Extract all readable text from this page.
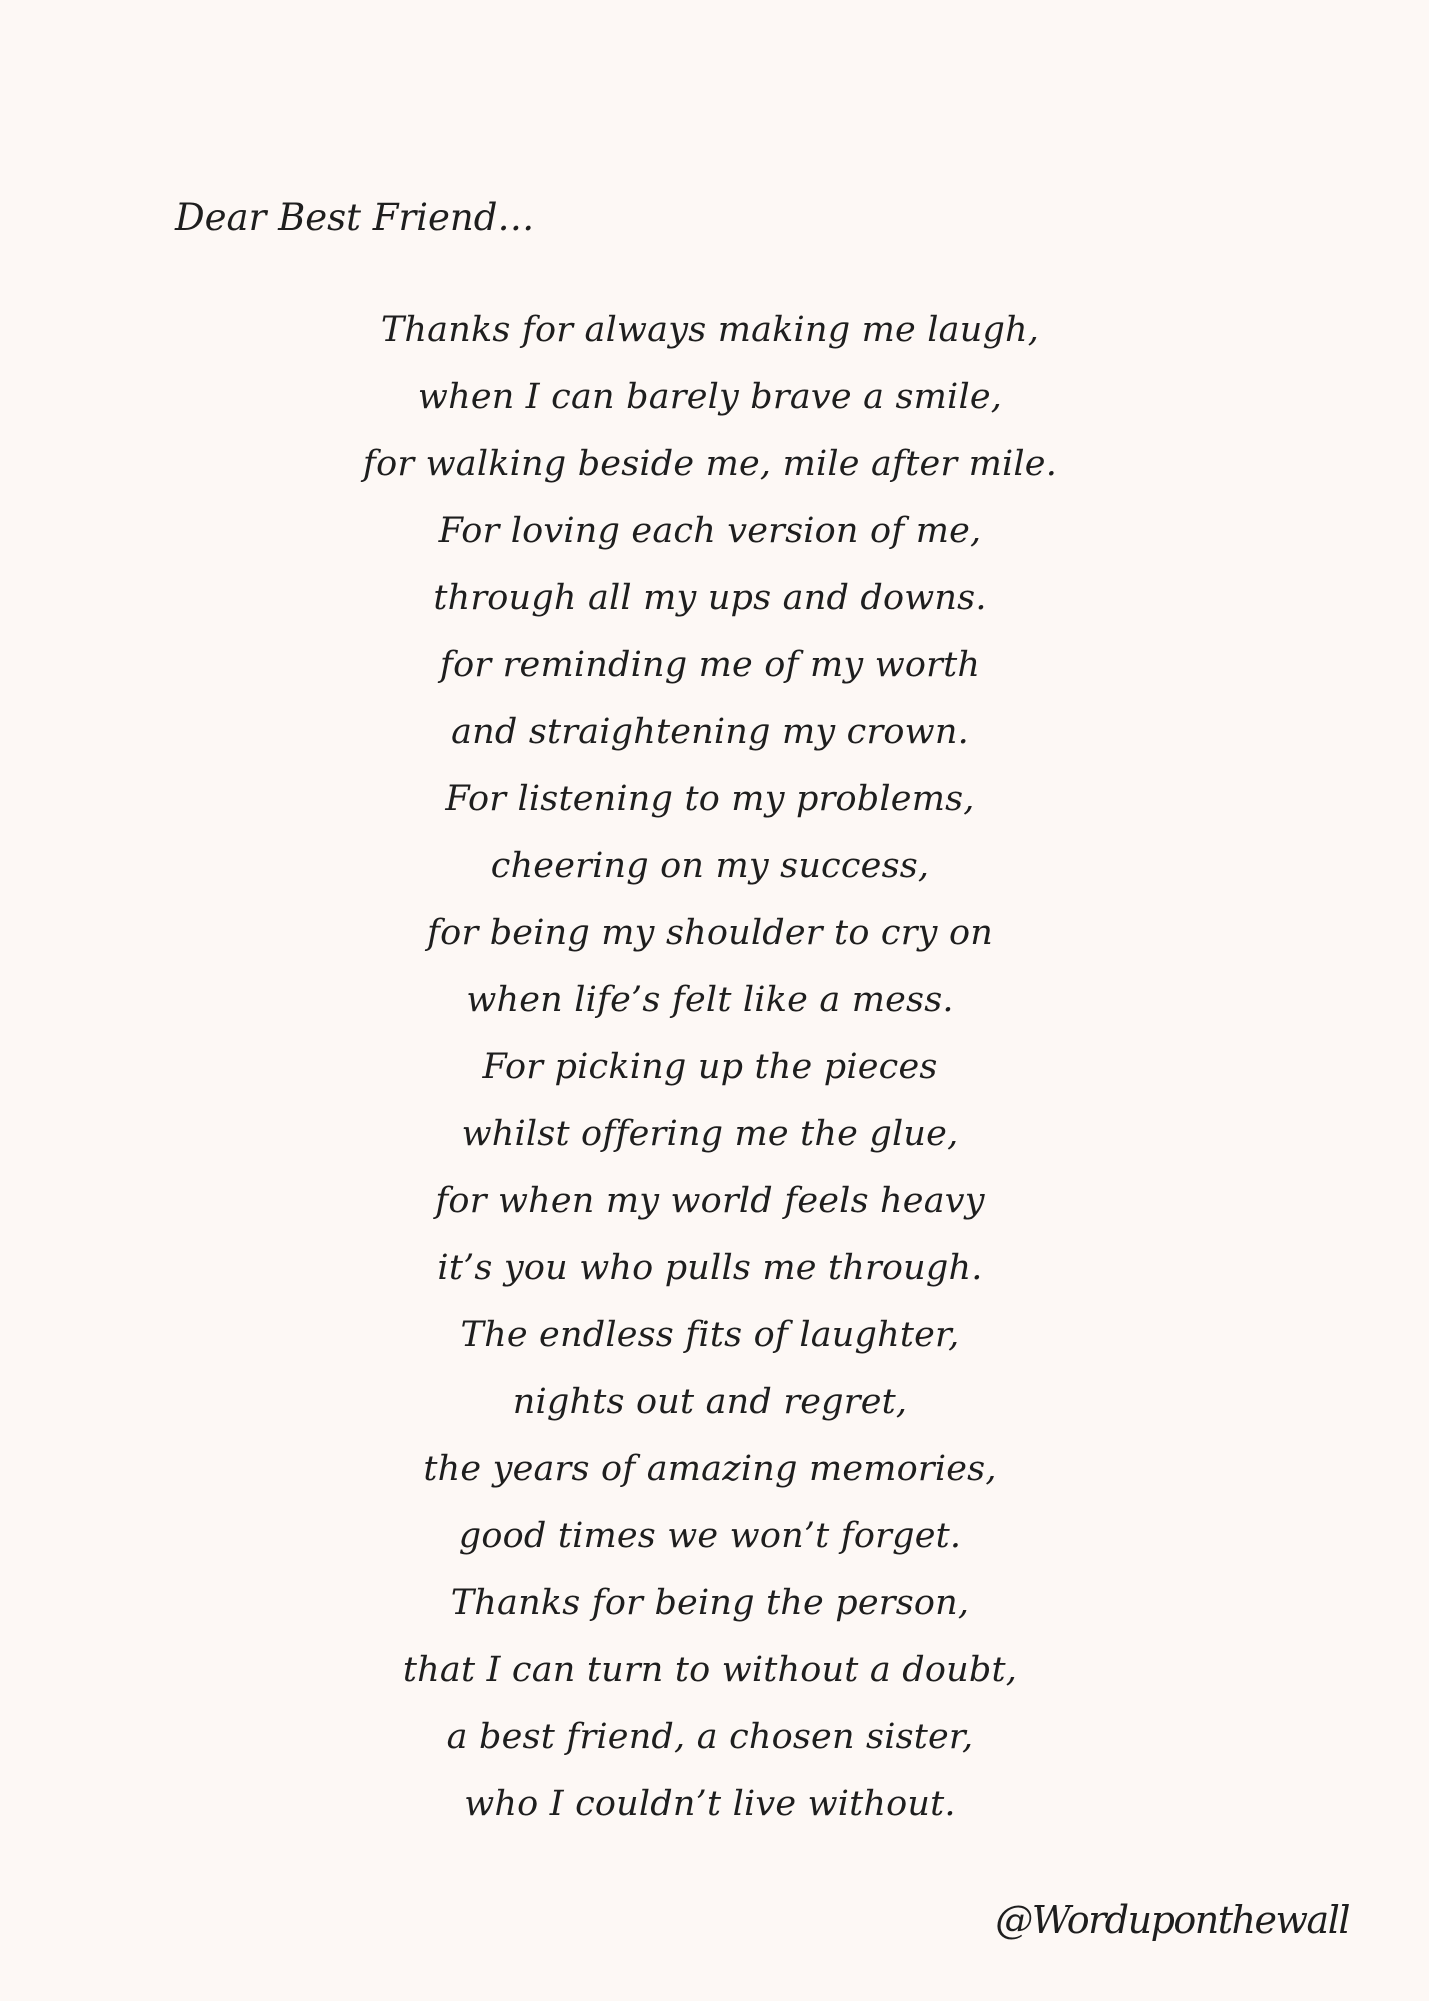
Dear Best Friend…
Thanks for always making me laugh,
when I can barely brave a smile,
for walking beside me, mile after mile.
For loving each version of me,
through all my ups and downs.
for reminding me of my worth
and straightening my crown.
For listening to my problems,
cheering on my success,
for being my shoulder to cry on
when life’s felt like a mess.
For picking up the pieces
whilst offering me the glue,
for when my world feels heavy
it’s you who pulls me through.
The endless fits of laughter,
nights out and regret,
the years of amazing memories,
good times we won’t forget.
Thanks for being the person,
that I can turn to without a doubt,
a best friend, a chosen sister,
who I couldn’t live without.
@Worduponthewall
